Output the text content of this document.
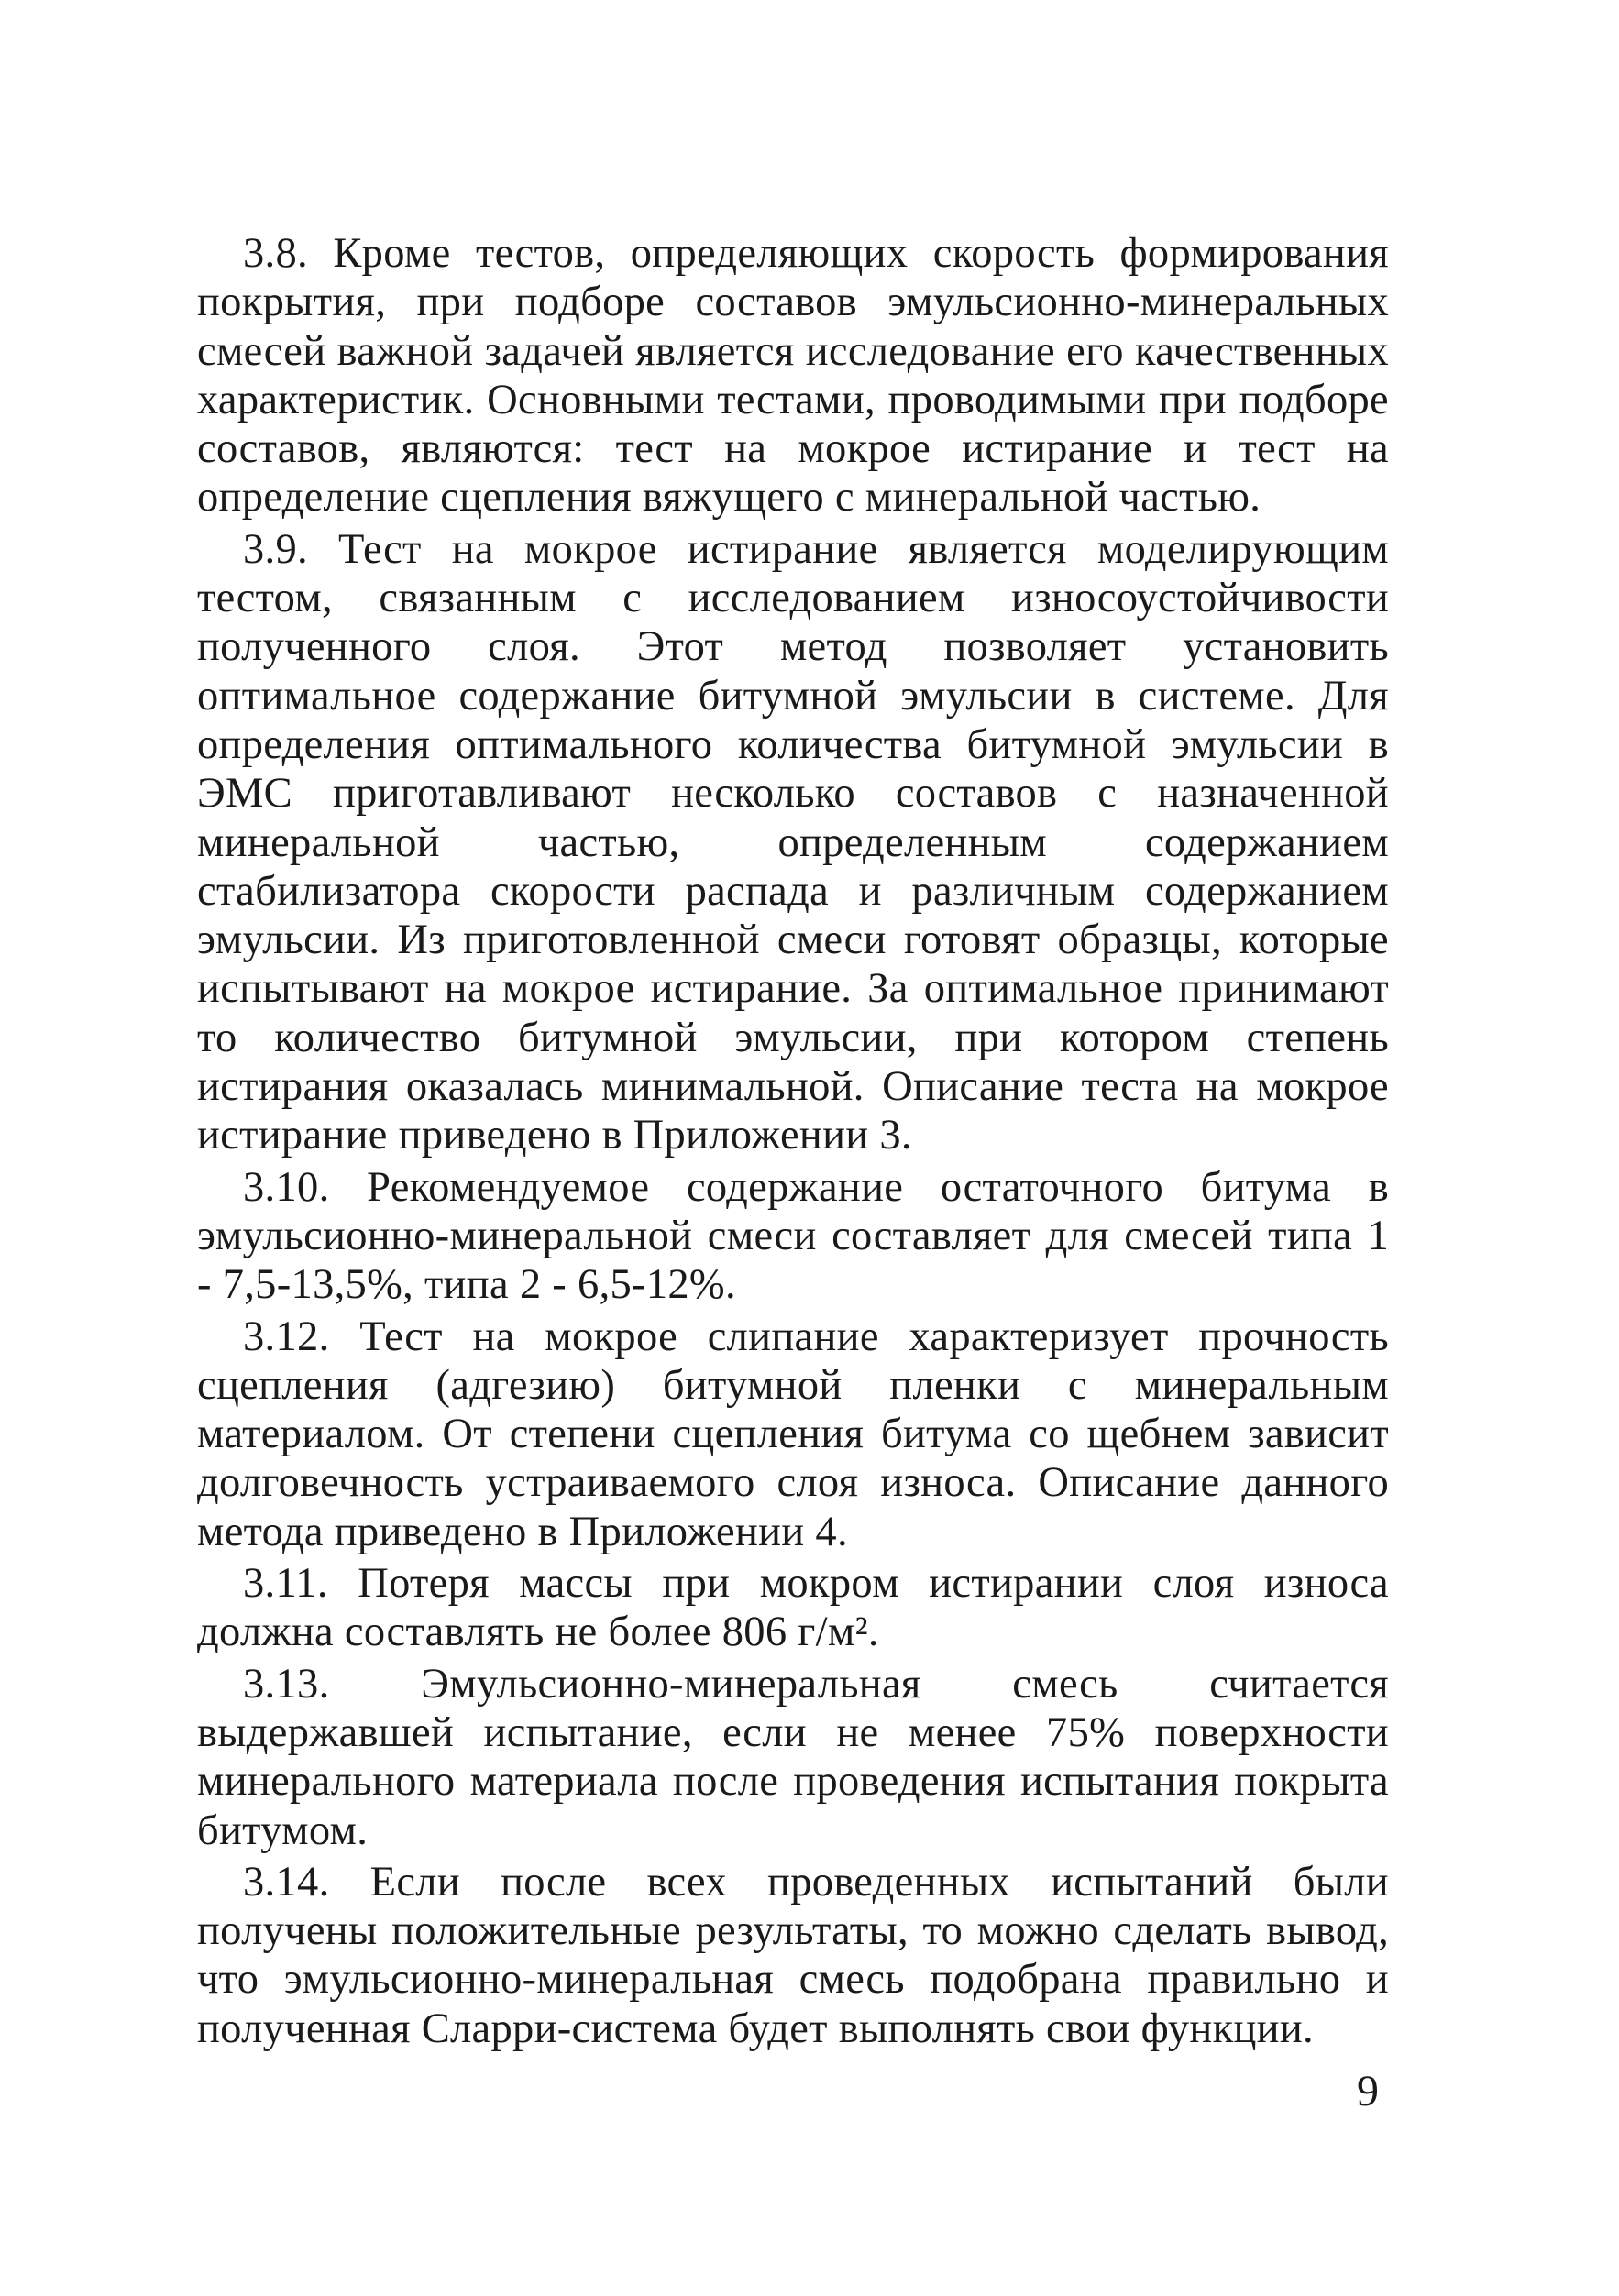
3.8. Кроме тестов, определяющих скорость формирования покрытия, при подборе составов эмульсионно-минеральных смесей важной задачей является исследование его качественных характеристик. Основными тестами, проводимыми при подборе составов, являются: тест на мокрое истирание и тест на определение сцепления вяжущего с минеральной частью.

3.9. Тест на мокрое истирание является моделирующим тестом, связанным с исследованием износоустойчивости полученного слоя. Этот метод позволяет установить оптимальное содержание битумной эмульсии в системе. Для определения оптимального количества битумной эмульсии в ЭМС приготавливают несколько составов с назначенной минеральной частью, определенным содержанием стабилизатора скорости распада и различным содержанием эмульсии. Из приготовленной смеси готовят образцы, которые испытывают на мокрое истирание. За оптимальное принимают то количество битумной эмульсии, при котором степень истирания оказалась минимальной. Описание теста на мокрое истирание приведено в Приложении 3.

3.10. Рекомендуемое содержание остаточного битума в эмульсионно-минеральной смеси составляет для смесей типа 1 - 7,5-13,5%, типа 2 - 6,5-12%.

3.12. Тест на мокрое слипание характеризует прочность сцепления (адгезию) битумной пленки с минеральным материалом. От степени сцепления битума со щебнем зависит долговечность устраиваемого слоя износа. Описание данного метода приведено в Приложении 4.

3.11. Потеря массы при мокром истирании слоя износа должна составлять не более 806 г/м².

3.13. Эмульсионно-минеральная смесь считается выдержавшей испытание, если не менее 75% поверхности минерального материала после проведения испытания покрыта битумом.

3.14. Если после всех проведенных испытаний были получены положительные результаты, то можно сделать вывод, что эмульсионно-минеральная смесь подобрана правильно и полученная Сларри-система будет выполнять свои функции.

9
